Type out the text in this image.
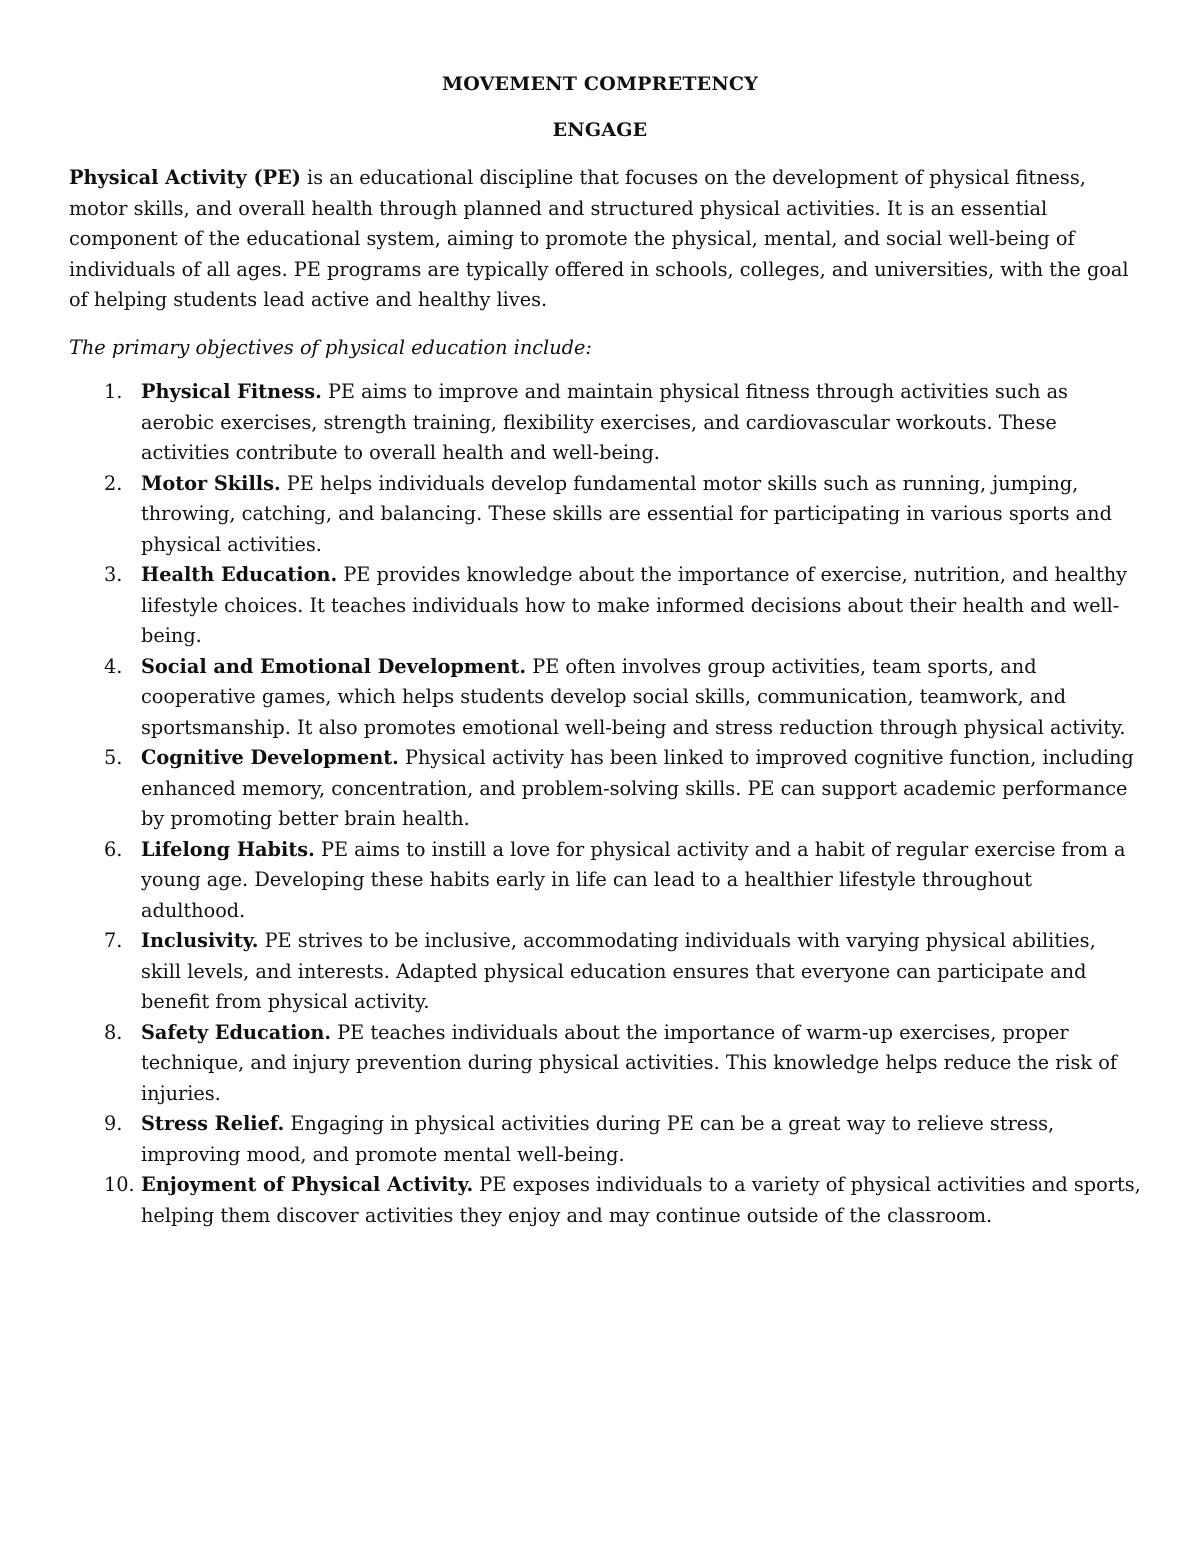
MOVEMENT COMPRETENCY
ENGAGE

Physical Activity (PE) is an educational discipline that focuses on the development of physical fitness, motor skills, and overall health through planned and structured physical activities. It is an essential component of the educational system, aiming to promote the physical, mental, and social well-being of individuals of all ages. PE programs are typically offered in schools, colleges, and universities, with the goal of helping students lead active and healthy lives.

The primary objectives of physical education include:

1. Physical Fitness. PE aims to improve and maintain physical fitness through activities such as aerobic exercises, strength training, flexibility exercises, and cardiovascular workouts. These activities contribute to overall health and well-being.
2. Motor Skills. PE helps individuals develop fundamental motor skills such as running, jumping, throwing, catching, and balancing. These skills are essential for participating in various sports and physical activities.
3. Health Education. PE provides knowledge about the importance of exercise, nutrition, and healthy lifestyle choices. It teaches individuals how to make informed decisions about their health and well-being.
4. Social and Emotional Development. PE often involves group activities, team sports, and cooperative games, which helps students develop social skills, communication, teamwork, and sportsmanship. It also promotes emotional well-being and stress reduction through physical activity.
5. Cognitive Development. Physical activity has been linked to improved cognitive function, including enhanced memory, concentration, and problem-solving skills. PE can support academic performance by promoting better brain health.
6. Lifelong Habits. PE aims to instill a love for physical activity and a habit of regular exercise from a young age. Developing these habits early in life can lead to a healthier lifestyle throughout adulthood.
7. Inclusivity. PE strives to be inclusive, accommodating individuals with varying physical abilities, skill levels, and interests. Adapted physical education ensures that everyone can participate and benefit from physical activity.
8. Safety Education. PE teaches individuals about the importance of warm-up exercises, proper technique, and injury prevention during physical activities. This knowledge helps reduce the risk of injuries.
9. Stress Relief. Engaging in physical activities during PE can be a great way to relieve stress, improving mood, and promote mental well-being.
10. Enjoyment of Physical Activity. PE exposes individuals to a variety of physical activities and sports, helping them discover activities they enjoy and may continue outside of the classroom.
